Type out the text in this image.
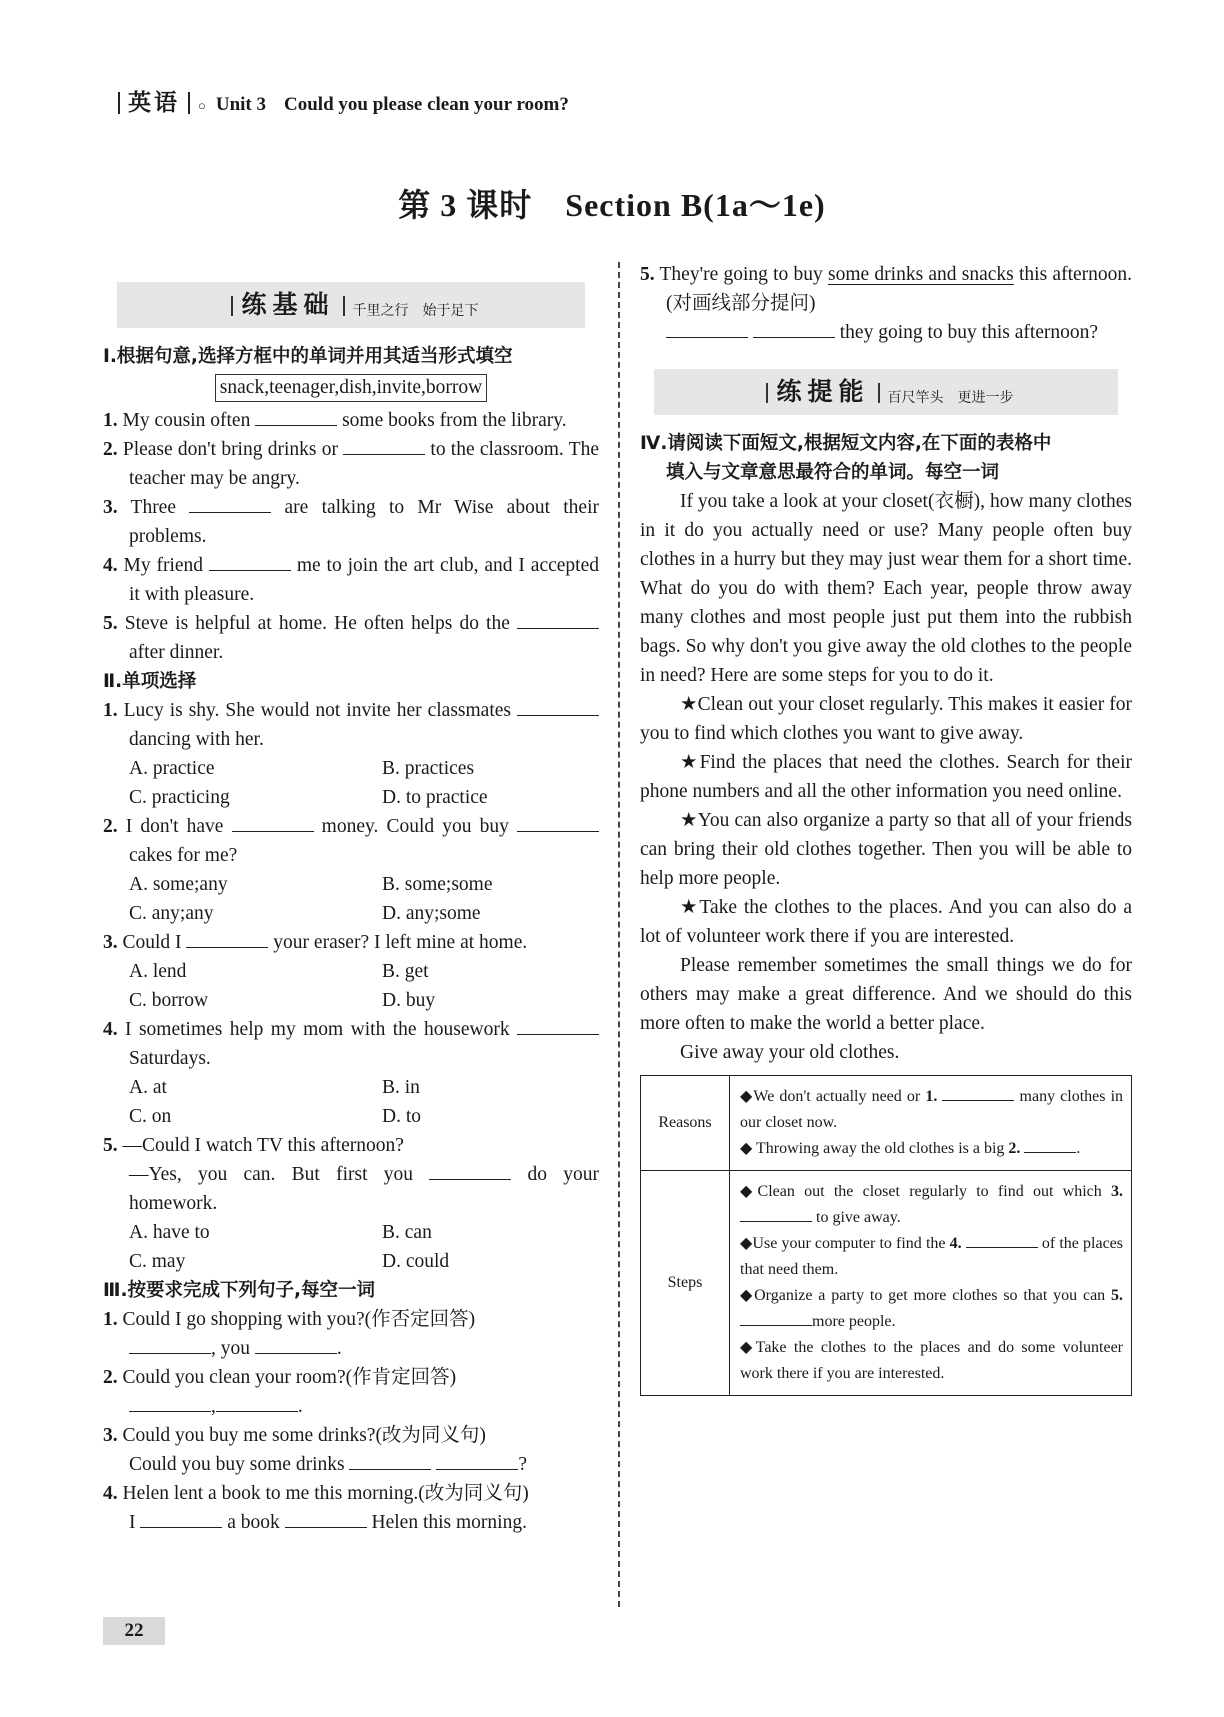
英语 ○ Unit 3 Could you please clean your room?
第 3 课时　Section B(1a～1e)
练基础 千里之行　始于足下
Ⅰ.根据句意,选择方框中的单词并用其适当形式填空
snack,teenager,dish,invite,borrow
1. My cousin often	some books from the library.
2. Please don't bring drinks or	to the classroom. The teacher may be angry.
3. Three	are talking to Mr Wise about their problems.
4. My friend	me to join the art club, and I accepted it with pleasure.
5. Steve is helpful at home. He often helps do the  after dinner.
Ⅱ.单项选择
1. Lucy is shy. She would not invite her classmates  dancing with her.
A. practice	B. practices
C. practicing	D. to practice
2. I don't have	money. Could you buy  cakes for me?
A. some;any	B. some;some
C. any;any	D. any;some
3. Could I	your eraser? I left mine at home.
A. lend	B. get
C. borrow	D. buy
4. I sometimes help my mom with the housework  Saturdays.
A. at	B. in
C. on	D. to
5. —Could I watch TV this afternoon?
—Yes, you can. But first you	do your homework.
A. have to	B. can
C. may	D. could
Ⅲ.按要求完成下列句子,每空一词
1. Could I go shopping with you?(作否定回答)
, you	.
2. Could you clean your room?(作肯定回答)
,	.
3. Could you buy me some drinks?(改为同义句)
Could you buy some drinks	?
4. Helen lent a book to me this morning.(改为同义句)
I	a book	Helen this morning.
5. They're going to buy some drinks and snacks this afternoon.(对画线部分提问)
they going to buy this afternoon?
练提能 百尺竿头　更进一步
Ⅳ.请阅读下面短文,根据短文内容,在下面的表格中
填入与文章意思最符合的单词。每空一词
If you take a look at your closet(衣橱), how many clothes in it do you actually need or use? Many people often buy clothes in a hurry but they may just wear them for a short time. What do you do with them? Each year, people throw away many clothes and most people just put them into the rubbish bags. So why don't you give away the old clothes to the people in need? Here are some steps for you to do it.
★Clean out your closet regularly. This makes it easier for you to find which clothes you want to give away.
★Find the places that need the clothes. Search for their phone numbers and all the other information you need online.
★You can also organize a party so that all of your friends can bring their old clothes together. Then you will be able to help more people.
★Take the clothes to the places. And you can also do a lot of volunteer work there if you are interested.
Please remember sometimes the small things we do for others may make a great difference. And we should do this more often to make the world a better place.
Give away your old clothes.
Reasons
◆We don't actually need or 1.	many clothes in our closet now.
◆ Throwing away the old clothes is a big 2.	.
Steps
◆Clean out the closet regularly to find out which 3.  to give away.
◆Use your computer to find the 4.	of the places that need them.
◆Organize a party to get more clothes so that you can 5. more people.
◆Take the clothes to the places and do some volunteer work there if you are interested.
22
